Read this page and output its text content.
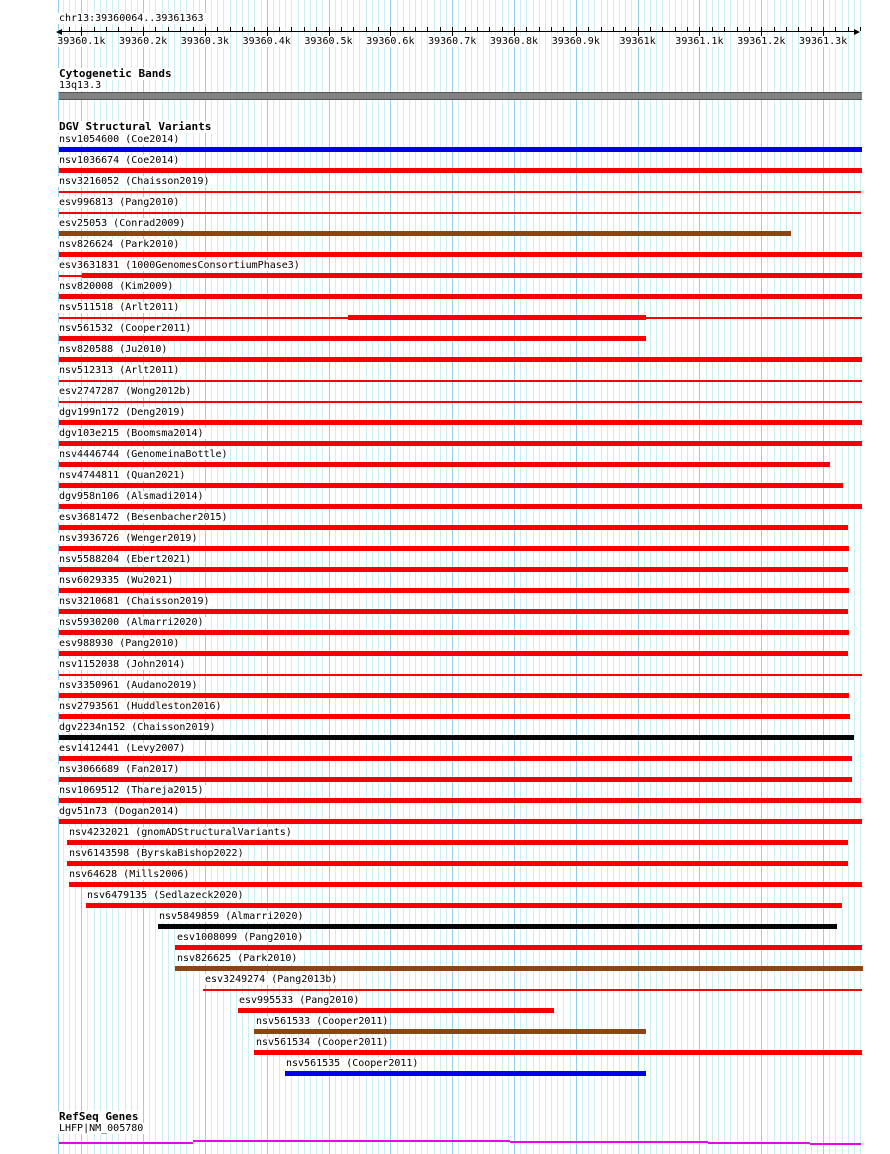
chr13:39360064..39361363
39360.1k 39360.2k 39360.3k 39360.4k 39360.5k 39360.6k 39360.7k 39360.8k 39360.9k 39361k 39361.1k 39361.2k 39361.3k
Cytogenetic Bands
13q13.3
DGV Structural Variants
nsv1054600 (Coe2014)
nsv1036674 (Coe2014)
nsv3216052 (Chaisson2019)
esv996813 (Pang2010)
esv25053 (Conrad2009)
nsv826624 (Park2010)
esv3631831 (1000GenomesConsortiumPhase3)
nsv820008 (Kim2009)
nsv511518 (Arlt2011)
nsv561532 (Cooper2011)
nsv820588 (Ju2010)
nsv512313 (Arlt2011)
esv2747287 (Wong2012b)
dgv199n172 (Deng2019)
dgv103e215 (Boomsma2014)
nsv4446744 (GenomeinaBottle)
nsv4744811 (Quan2021)
dgv958n106 (Alsmadi2014)
esv3681472 (Besenbacher2015)
nsv3936726 (Wenger2019)
nsv5588204 (Ebert2021)
nsv6029335 (Wu2021)
nsv3210681 (Chaisson2019)
nsv5930200 (Almarri2020)
esv988930 (Pang2010)
nsv1152038 (John2014)
nsv3350961 (Audano2019)
nsv2793561 (Huddleston2016)
dgv2234n152 (Chaisson2019)
esv1412441 (Levy2007)
nsv3066689 (Fan2017)
nsv1069512 (Thareja2015)
dgv51n73 (Dogan2014)
nsv4232021 (gnomADStructuralVariants)
nsv6143598 (ByrskaBishop2022)
nsv64628 (Mills2006)
nsv6479135 (Sedlazeck2020)
nsv5849859 (Almarri2020)
esv1008099 (Pang2010)
nsv826625 (Park2010)
esv3249274 (Pang2013b)
esv995533 (Pang2010)
nsv561533 (Cooper2011)
nsv561534 (Cooper2011)
nsv561535 (Cooper2011)
RefSeq Genes
LHFP|NM_005780
